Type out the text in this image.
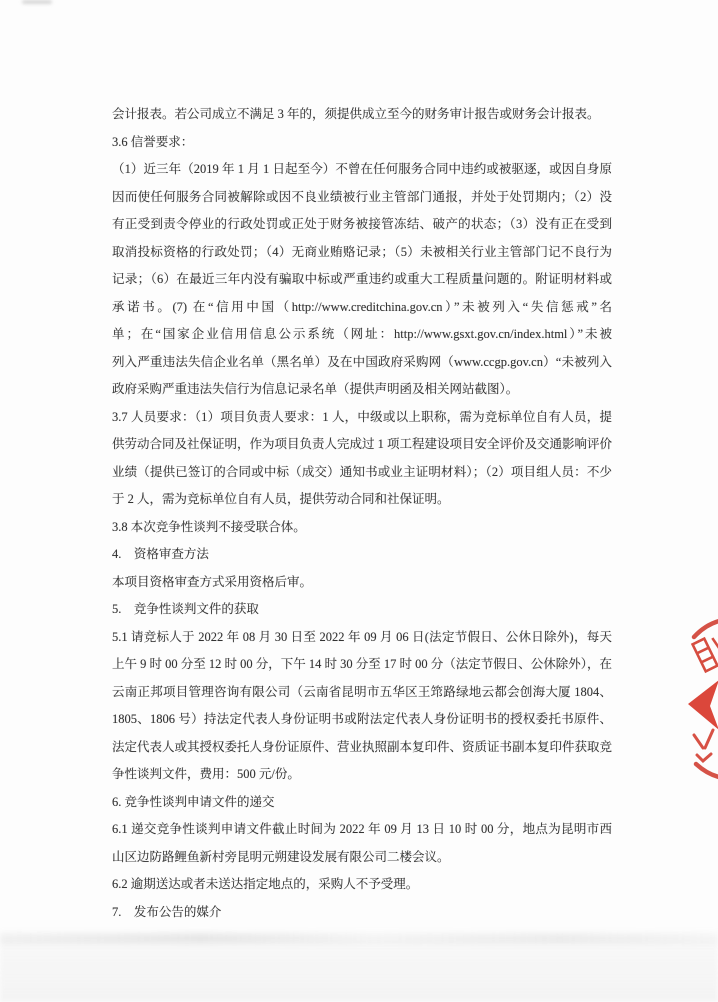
会计报表。若公司成立不满足 3 年的，须提供成立至今的财务审计报告或财务会计报表。
3.6 信誉要求：
（1）近三年（2019 年 1 月 1 日起至今）不曾在任何服务合同中违约或被驱逐，或因自身原
因而使任何服务合同被解除或因不良业绩被行业主管部门通报，并处于处罚期内；（2）没
有正受到责令停业的行政处罚或正处于财务被接管冻结、破产的状态；（3）没有正在受到
取消投标资格的行政处罚；（4）无商业贿赂记录；（5）未被相关行业主管部门记不良行为
记录；（6）在最近三年内没有骗取中标或严重违约或重大工程质量问题的。附证明材料或
承诺书。(7) 在“信用中国（http://www.creditchina.gov.cn）”未被列入“失信惩戒”名
单；在“国家企业信用信息公示系统（网址：http://www.gsxt.gov.cn/index.html）”未被
列入严重违法失信企业名单（黑名单）及在中国政府采购网（www.ccgp.gov.cn）“未被列入
政府采购严重违法失信行为信息记录名单（提供声明函及相关网站截图）。
3.7 人员要求：（1）项目负责人要求：1 人，中级或以上职称，需为竞标单位自有人员，提
供劳动合同及社保证明，作为项目负责人完成过 1 项工程建设项目安全评价及交通影响评价
业绩（提供已签订的合同或中标（成交）通知书或业主证明材料）；（2）项目组人员：不少
于 2 人，需为竞标单位自有人员，提供劳动合同和社保证明。
3.8 本次竞争性谈判不接受联合体。
4.    资格审查方法
本项目资格审查方式采用资格后审。
5.    竞争性谈判文件的获取
5.1 请竞标人于 2022 年 08 月 30 日至 2022 年 09 月 06 日(法定节假日、公休日除外)，每天
上午 9 时 00 分至 12 时 00 分，下午 14 时 30 分至 17 时 00 分（法定节假日、公休除外），在
云南正邦项目管理咨询有限公司（云南省昆明市五华区王筇路绿地云都会创海大厦 1804、
1805、1806 号）持法定代表人身份证明书或附法定代表人身份证明书的授权委托书原件、
法定代表人或其授权委托人身份证原件、营业执照副本复印件、资质证书副本复印件获取竞
争性谈判文件，费用：500 元/份。
6. 竞争性谈判申请文件的递交
6.1 递交竞争性谈判申请文件截止时间为 2022 年 09 月 13 日 10 时 00 分，地点为昆明市西
山区边防路鲤鱼新村旁昆明元朔建设发展有限公司二楼会议。
6.2 逾期送达或者未送达指定地点的，采购人不予受理。
7.    发布公告的媒介
